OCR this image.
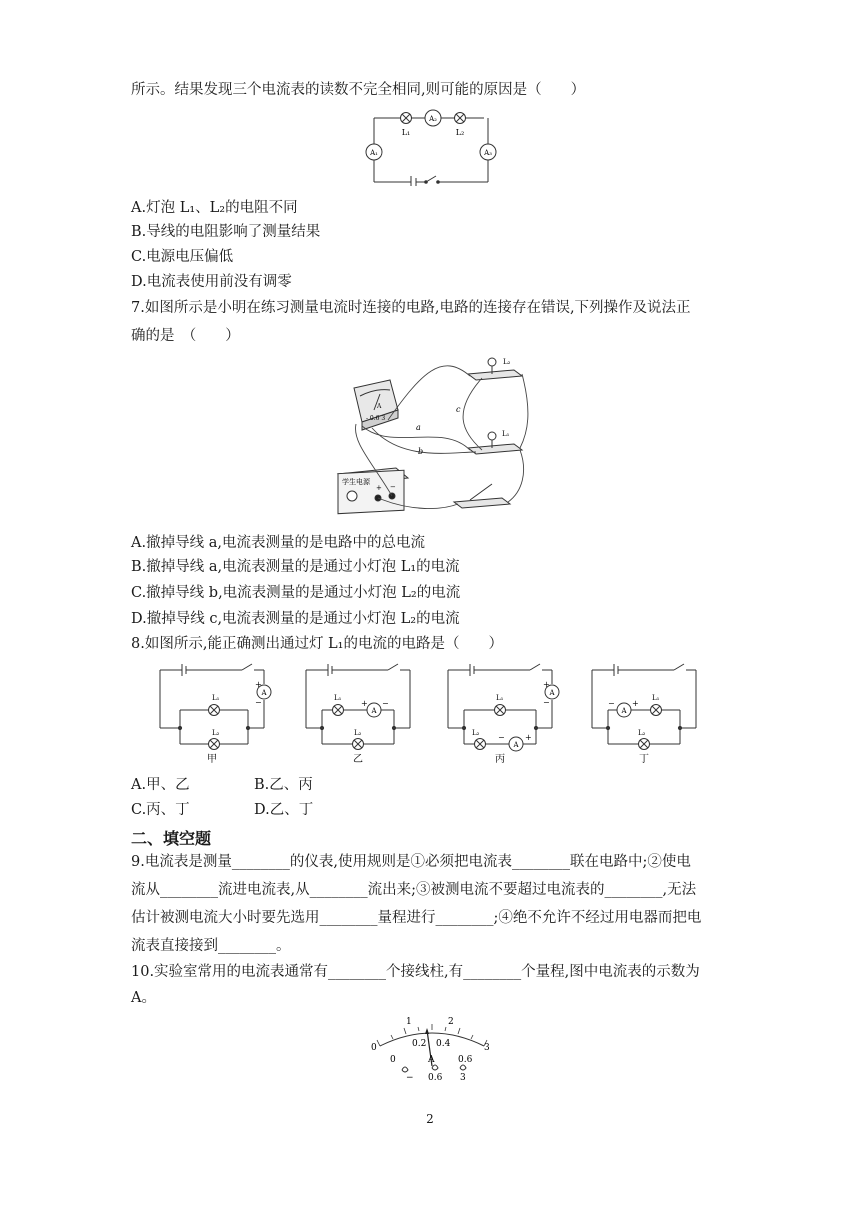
所示。结果发现三个电流表的读数不完全相同,则可能的原因是（　　）
A₂
A₁	A₃
L₁	L₂
A.灯泡 L₁、L₂的电阻不同
B.导线的电阻影响了测量结果
C.电源电压偏低
D.电流表使用前没有调零
7.如图所示是小明在练习测量电流时连接的电路,电路的连接存在错误,下列操作及说法正
确的是　（　　）
A
- 0.6 3
学生电源
+ −
L₂
L₁
a
b
c
A.撤掉导线 a,电流表测量的是电路中的总电流
B.撤掉导线 a,电流表测量的是通过小灯泡 L₁的电流
C.撤掉导线 b,电流表测量的是通过小灯泡 L₂的电流
D.撤掉导线 c,电流表测量的是通过小灯泡 L₂的电流
8.如图所示,能正确测出通过灯 L₁的电流的电路是（　　）
A
+
−
L₁
L₂
甲
A
+ −
L₁
L₂
乙
A
A
+
−
−	+
L₁
L₂
丙
A
− +
L₁
L₂
丁
A.甲、乙	B.乙、丙
C.丙、丁	D.乙、丁
二、填空题
9.电流表是测量________的仪表,使用规则是①必须把电流表________联在电路中;②使电
流从________流进电流表,从________流出来;③被测电流不要超过电流表的________,无法
估计被测电流大小时要先选用________量程进行________;④绝不允许不经过用电器而把电
流表直接接到________。
10.实验室常用的电流表通常有________个接线柱,有________个量程,图中电流表的示数为
A。
0
1	2
3
0
0.2 0.4
0.6
A
− 0.6 3
2
